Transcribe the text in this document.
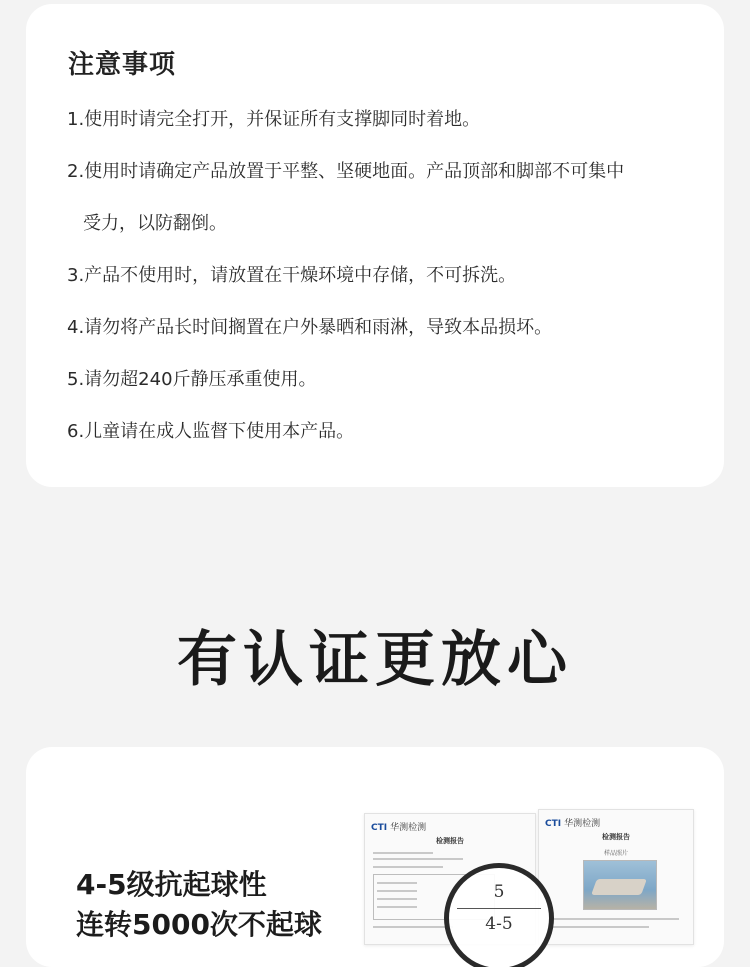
注意事项
1.使用时请完全打开，并保证所有支撑脚同时着地。
2.使用时请确定产品放置于平整、坚硬地面。产品顶部和脚部不可集中
受力，以防翻倒。
3.产品不使用时，请放置在干燥环境中存储，不可拆洗。
4.请勿将产品长时间搁置在户外暴晒和雨淋，导致本品损坏。
5.请勿超240斤静压承重使用。
6.儿童请在成人监督下使用本产品。
有认证更放心
4-5级抗起球性
连转5000次不起球
CTI 华测检测
检测报告
CTI 华测检测
检测报告
样品照片
5
4-5
